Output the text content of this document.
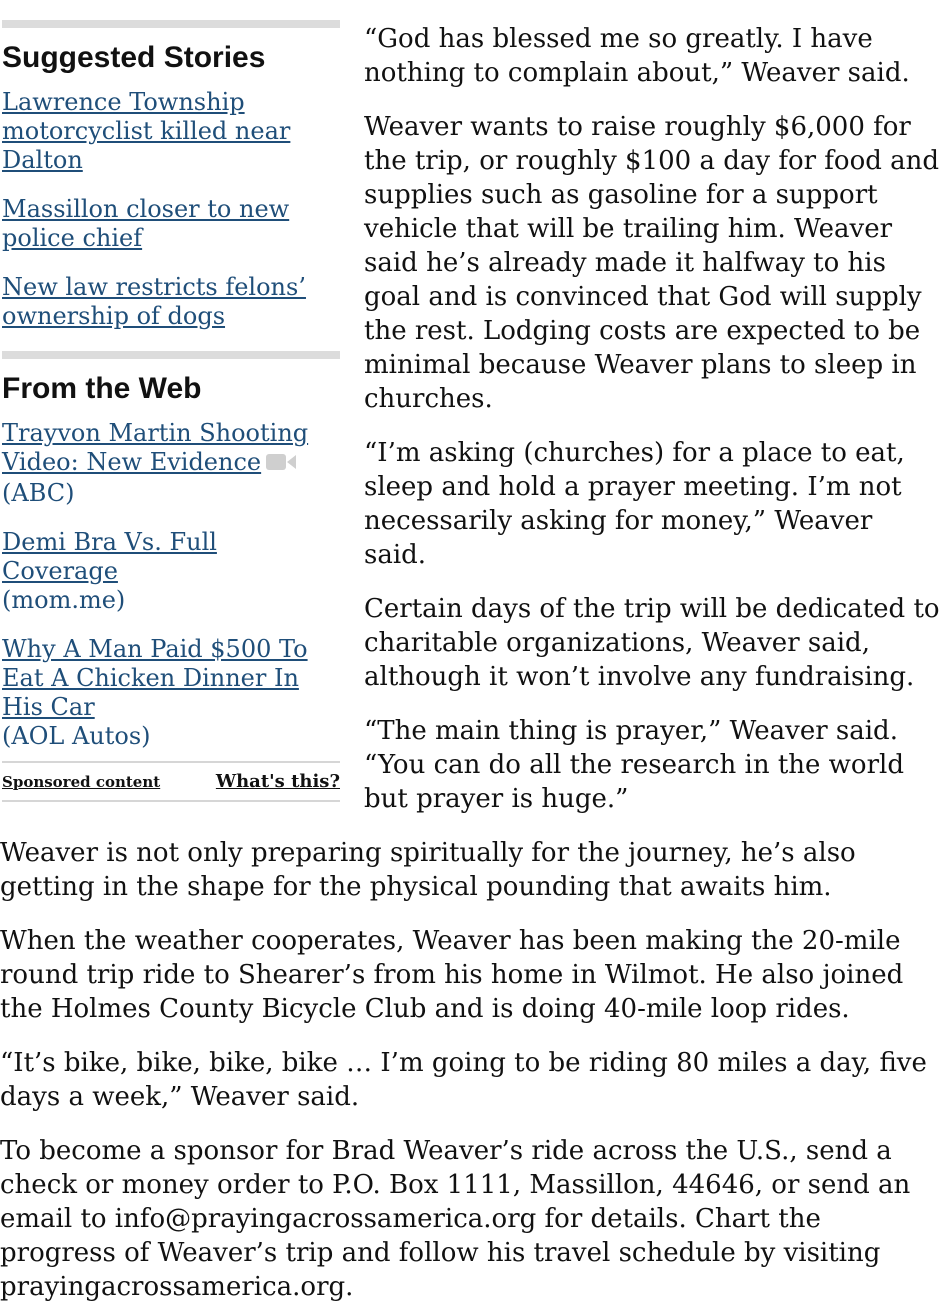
Suggested Stories
Lawrence Township motorcyclist killed near Dalton
Massillon closer to new police chief
New law restricts felons’ ownership of dogs
From the Web
Trayvon Martin Shooting Video: New Evidence
(ABC)
Demi Bra Vs. Full Coverage
(mom.me)
Why A Man Paid $500 To Eat A Chicken Dinner In His Car
(AOL Autos)
Sponsored content	What's this?

“God has blessed me so greatly. I have nothing to complain about,” Weaver said.

Weaver wants to raise roughly $6,000 for the trip, or roughly $100 a day for food and supplies such as gasoline for a support vehicle that will be trailing him. Weaver said he’s already made it halfway to his goal and is convinced that God will supply the rest. Lodging costs are expected to be minimal because Weaver plans to sleep in churches.

“I’m asking (churches) for a place to eat, sleep and hold a prayer meeting. I’m not necessarily asking for money,” Weaver said.

Certain days of the trip will be dedicated to charitable organizations, Weaver said, although it won’t involve any fundraising.

“The main thing is prayer,” Weaver said. “You can do all the research in the world but prayer is huge.”

Weaver is not only preparing spiritually for the journey, he’s also getting in the shape for the physical pounding that awaits him.

When the weather cooperates, Weaver has been making the 20-mile round trip ride to Shearer’s from his home in Wilmot. He also joined the Holmes County Bicycle Club and is doing 40-mile loop rides.

“It’s bike, bike, bike, bike … I’m going to be riding 80 miles a day, five days a week,” Weaver said.

To become a sponsor for Brad Weaver’s ride across the U.S., send a check or money order to P.O. Box 1111, Massillon, 44646, or send an email to info@prayingacrossamerica.org for details. Chart the progress of Weaver’s trip and follow his travel schedule by visiting prayingacrossamerica.org.
